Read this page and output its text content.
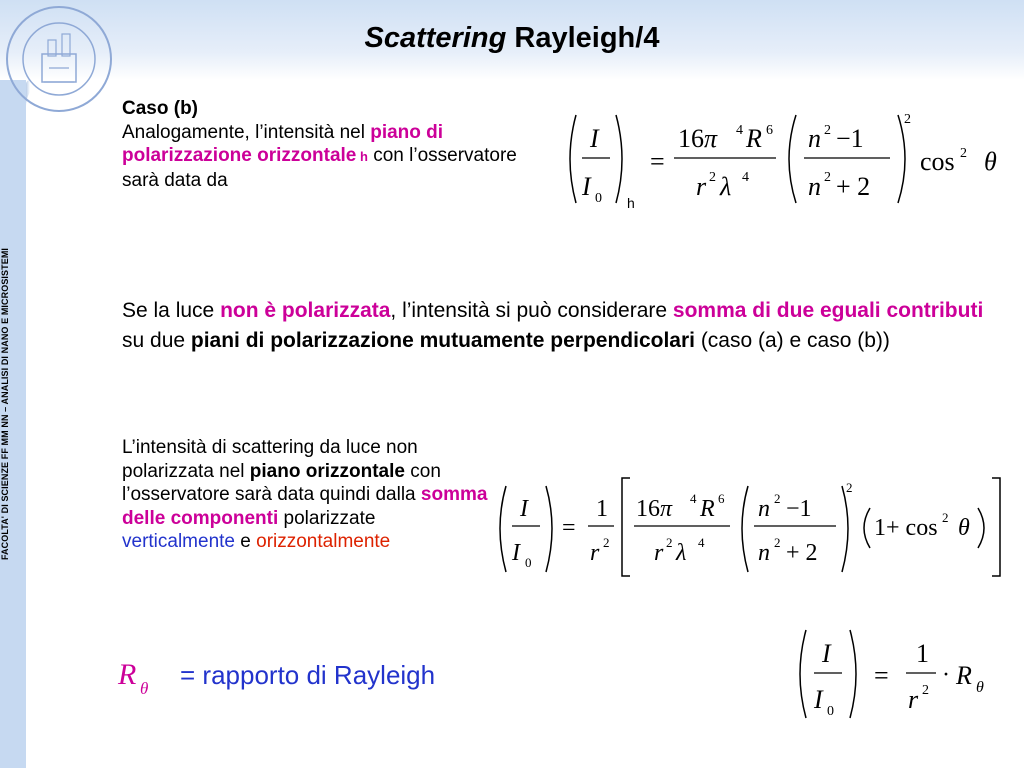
FACOLTA' DI SCIENZE FF MM NN – ANALISI DI NANO E MICROSISTEMI
Scattering Rayleigh/4
Caso (b)
Analogamente, l’intensità nel piano di polarizzazione orizzontale h con l’osservatore sarà data da
I
I 0
=
16π 4 R 6
r 2 λ 4
n 2 −1
n 2 + 2
2
cos 2 θ
h
Se la luce non è polarizzata, l’intensità si può considerare somma di due eguali contributi su due piani di polarizzazione mutuamente perpendicolari (caso (a) e caso (b))
L’intensità di scattering da luce non polarizzata nel piano orizzontale con l’osservatore sarà data quindi dalla somma delle componenti polarizzate verticalmente e orizzontalmente
I
I 0
=
1
r 2
16π 4 R 6
r 2 λ 4
n 2 −1
n 2 + 2
2
1+ cos 2 θ
R θ = rapporto di Rayleigh
I
I 0
=
1
r 2
· R θ
